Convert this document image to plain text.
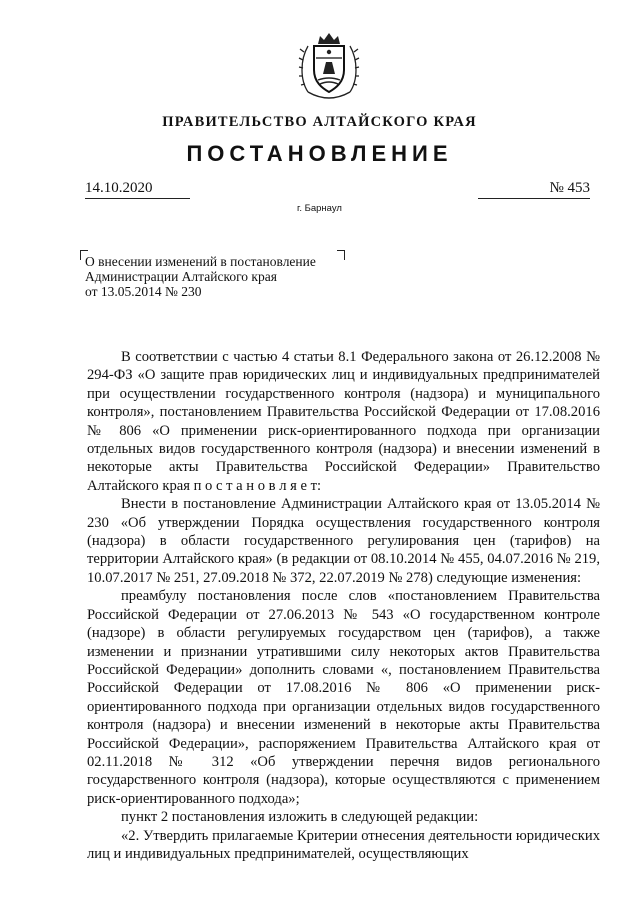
ПРАВИТЕЛЬСТВО АЛТАЙСКОГО КРАЯ
ПОСТАНОВЛЕНИЕ
14.10.2020	№ 453
г. Барнаул
О внесении изменений в постановление
Администрации Алтайского края
от 13.05.2014 № 230

В соответствии с частью 4 статьи 8.1 Федерального закона от 26.12.2008 № 294-ФЗ «О защите прав юридических лиц и индивидуальных предпринимателей при осуществлении государственного контроля (надзора) и муниципального контроля», постановлением Правительства Российской Федерации от 17.08.2016 № 806 «О применении риск-ориентированного подхода при организации отдельных видов государственного контроля (надзора) и внесении изменений в некоторые акты Правительства Российской Федерации» Правительство Алтайского края п о с т а н о в л я е т:

Внести в постановление Администрации Алтайского края от 13.05.2014 № 230 «Об утверждении Порядка осуществления государственного контроля (надзора) в области государственного регулирования цен (тарифов) на территории Алтайского края» (в редакции от 08.10.2014 № 455, 04.07.2016 № 219, 10.07.2017 № 251, 27.09.2018 № 372, 22.07.2019 № 278) следующие изменения:

преамбулу постановления после слов «постановлением Правительства Российской Федерации от 27.06.2013 № 543 «О государственном контроле (надзоре) в области регулируемых государством цен (тарифов), а также изменении и признании утратившими силу некоторых актов Правительства Российской Федерации» дополнить словами «, постановлением Правительства Российской Федерации от 17.08.2016 № 806 «О применении риск-ориентированного подхода при организации отдельных видов государственного контроля (надзора) и внесении изменений в некоторые акты Правительства Российской Федерации», распоряжением Правительства Алтайского края от 02.11.2018 № 312 «Об утверждении перечня видов регионального государственного контроля (надзора), которые осуществляются с применением риск-ориентированного подхода»;

пункт 2 постановления изложить в следующей редакции:

«2. Утвердить прилагаемые Критерии отнесения деятельности юридических лиц и индивидуальных предпринимателей, осуществляющих
